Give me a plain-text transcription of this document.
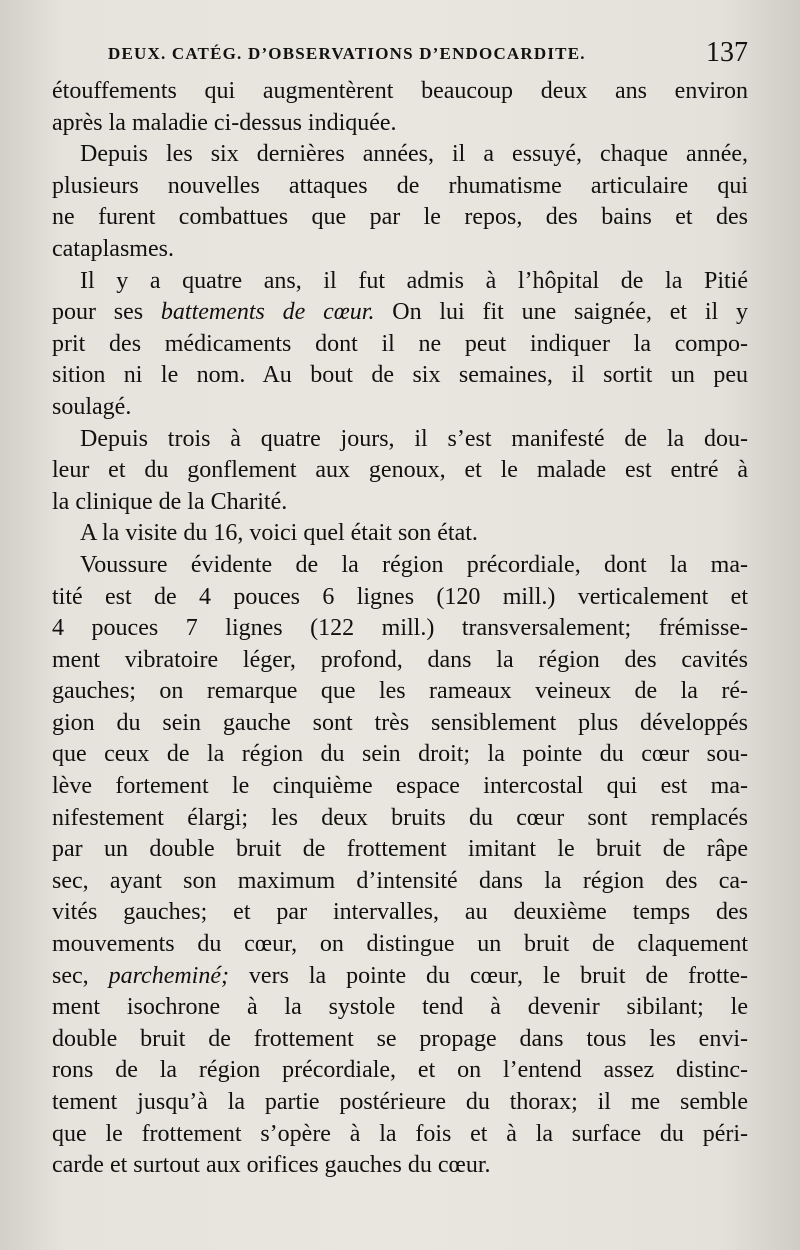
DEUX. CATÉG. D’OBSERVATIONS D’ENDOCARDITE.	137
étouffements qui augmentèrent beaucoup deux ans environ
après la maladie ci-dessus indiquée.
Depuis les six dernières années, il a essuyé, chaque année,
plusieurs nouvelles attaques de rhumatisme articulaire qui
ne furent combattues que par le repos, des bains et des
cataplasmes.
Il y a quatre ans, il fut admis à l’hôpital de la Pitié
pour ses battements de cœur. On lui fit une saignée, et il y
prit des médicaments dont il ne peut indiquer la compo-
sition ni le nom. Au bout de six semaines, il sortit un peu
soulagé.
Depuis trois à quatre jours, il s’est manifesté de la dou-
leur et du gonflement aux genoux, et le malade est entré à
la clinique de la Charité.
A la visite du 16, voici quel était son état.
Voussure évidente de la région précordiale, dont la ma-
tité est de 4 pouces 6 lignes (120 mill.) verticalement et
4 pouces 7 lignes (122 mill.) transversalement; frémisse-
ment vibratoire léger, profond, dans la région des cavités
gauches; on remarque que les rameaux veineux de la ré-
gion du sein gauche sont très sensiblement plus développés
que ceux de la région du sein droit; la pointe du cœur sou-
lève fortement le cinquième espace intercostal qui est ma-
nifestement élargi; les deux bruits du cœur sont remplacés
par un double bruit de frottement imitant le bruit de râpe
sec, ayant son maximum d’intensité dans la région des ca-
vités gauches; et par intervalles, au deuxième temps des
mouvements du cœur, on distingue un bruit de claquement
sec, parcheminé; vers la pointe du cœur, le bruit de frotte-
ment isochrone à la systole tend à devenir sibilant; le
double bruit de frottement se propage dans tous les envi-
rons de la région précordiale, et on l’entend assez distinc-
tement jusqu’à la partie postérieure du thorax; il me semble
que le frottement s’opère à la fois et à la surface du péri-
carde et surtout aux orifices gauches du cœur.
